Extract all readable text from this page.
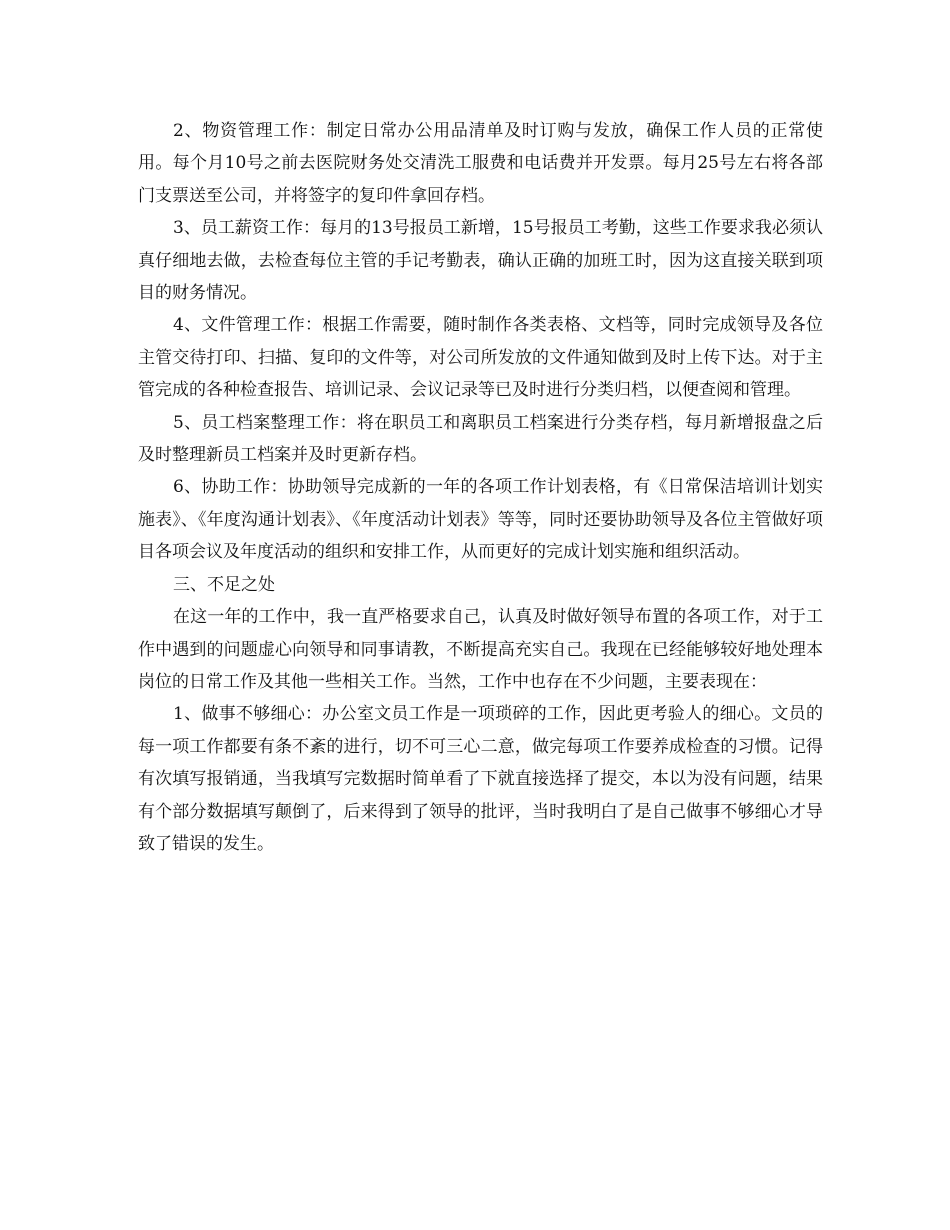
2、物资管理工作：制定日常办公用品清单及时订购与发放，确保工作人员的正常使用。每个月10号之前去医院财务处交清洗工服费和电话费并开发票。每月25号左右将各部门支票送至公司，并将签字的复印件拿回存档。

3、员工薪资工作：每月的13号报员工新增，15号报员工考勤，这些工作要求我必须认真仔细地去做，去检查每位主管的手记考勤表，确认正确的加班工时，因为这直接关联到项目的财务情况。

4、文件管理工作：根据工作需要，随时制作各类表格、文档等，同时完成领导及各位主管交待打印、扫描、复印的文件等，对公司所发放的文件通知做到及时上传下达。对于主管完成的各种检查报告、培训记录、会议记录等已及时进行分类归档，以便查阅和管理。

5、员工档案整理工作：将在职员工和离职员工档案进行分类存档，每月新增报盘之后及时整理新员工档案并及时更新存档。

6、协助工作：协助领导完成新的一年的各项工作计划表格，有《日常保洁培训计划实施表》、《年度沟通计划表》、《年度活动计划表》等等，同时还要协助领导及各位主管做好项目各项会议及年度活动的组织和安排工作，从而更好的完成计划实施和组织活动。

三、不足之处

在这一年的工作中，我一直严格要求自己，认真及时做好领导布置的各项工作，对于工作中遇到的问题虚心向领导和同事请教，不断提高充实自己。我现在已经能够较好地处理本岗位的日常工作及其他一些相关工作。当然，工作中也存在不少问题，主要表现在：

1、做事不够细心：办公室文员工作是一项琐碎的工作，因此更考验人的细心。文员的每一项工作都要有条不紊的进行，切不可三心二意，做完每项工作要养成检查的习惯。记得有次填写报销通，当我填写完数据时简单看了下就直接选择了提交，本以为没有问题，结果有个部分数据填写颠倒了，后来得到了领导的批评，当时我明白了是自己做事不够细心才导致了错误的发生。
